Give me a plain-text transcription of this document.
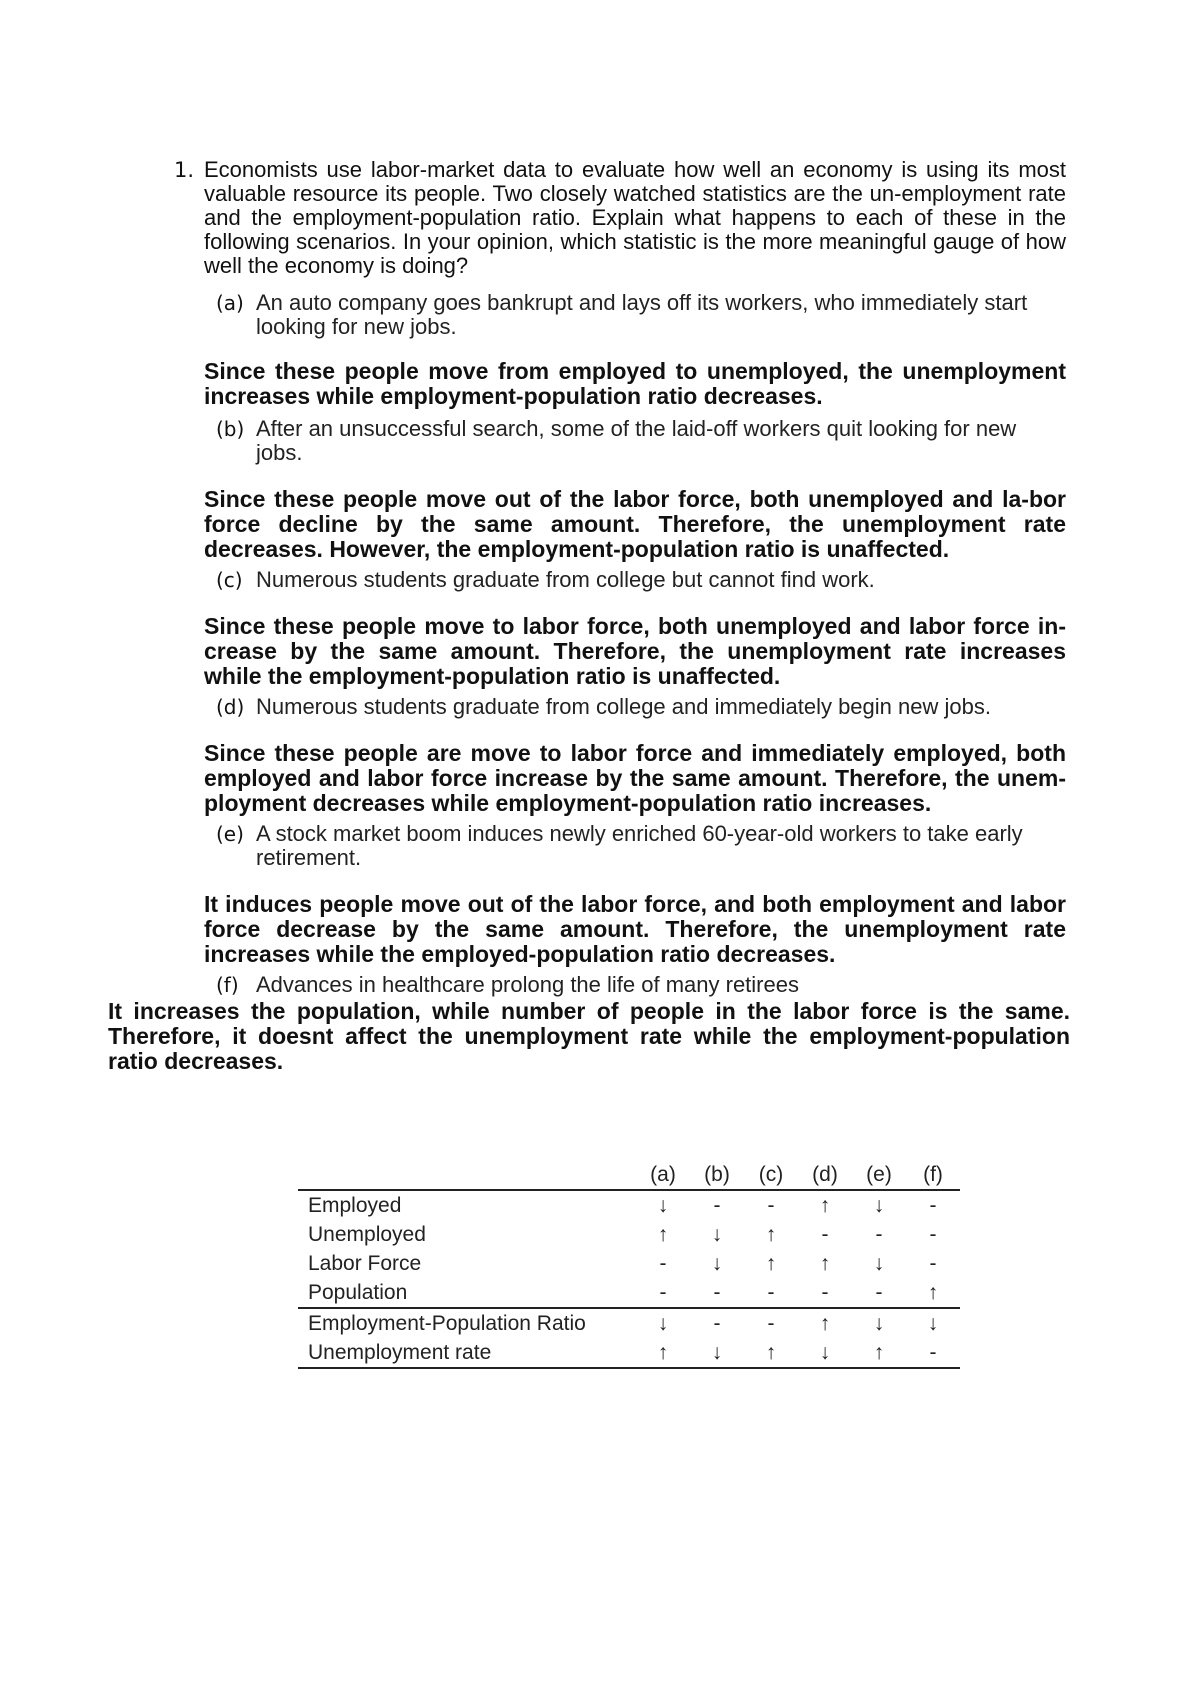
1. Economists use labor-market data to evaluate how well an economy is using its most valuable resource its people. Two closely watched statistics are the un-employment rate and the employment-population ratio. Explain what happens to each of these in the following scenarios. In your opinion, which statistic is the more meaningful gauge of how well the economy is doing?
(a) An auto company goes bankrupt and lays off its workers, who immediately start looking for new jobs.
Since these people move from employed to unemployed, the unemployment increases while employment-population ratio decreases.
(b) After an unsuccessful search, some of the laid-off workers quit looking for new jobs.
Since these people move out of the labor force, both unemployed and la-bor force decline by the same amount. Therefore, the unemployment rate decreases. However, the employment-population ratio is unaffected.
(c) Numerous students graduate from college but cannot find work.
Since these people move to labor force, both unemployed and labor force in- crease by the same amount. Therefore, the unemployment rate increases while the employment-population ratio is unaffected.
(d) Numerous students graduate from college and immediately begin new jobs.
Since these people are move to labor force and immediately employed, both employed and labor force increase by the same amount. Therefore, the unem- ployment decreases while employment-population ratio increases.
(e) A stock market boom induces newly enriched 60-year-old workers to take early retirement.
It induces people move out of the labor force, and both employment and labor force decrease by the same amount. Therefore, the unemployment rate increases while the employed-population ratio decreases.
(f) Advances in healthcare prolong the life of many retirees
It increases the population, while number of people in the labor force is the same. Therefore, it doesnt affect the unemployment rate while the employment-population ratio decreases.
	(a)	(b)	(c)	(d)	(e)	(f)
Employed	↓	-	-	↑	↓	-
Unemployed	↑	↓	↑	-	-	-
Labor Force	-	↓	↑	↑	↓	-
Population	-	-	-	-	-	↑
Employment-Population Ratio	↓	-	-	↑	↓	↓
Unemployment rate	↑	↓	↑	↓	↑	-
